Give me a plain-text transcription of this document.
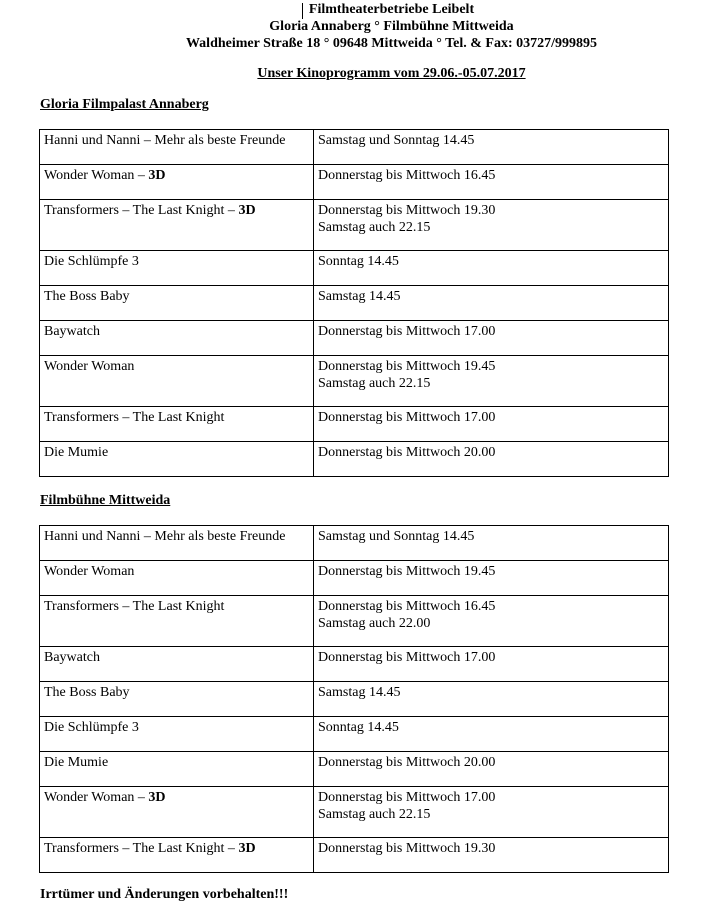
Filmtheaterbetriebe Leibelt
Gloria Annaberg ° Filmbühne Mittweida
Waldheimer Straße 18 ° 09648 Mittweida ° Tel. & Fax: 03727/999895
Unser Kinoprogramm vom 29.06.-05.07.2017
Gloria Filmpalast Annaberg
Hanni und Nanni – Mehr als beste Freunde	Samstag und Sonntag 14.45

Wonder Woman – 3D	Donnerstag bis Mittwoch 16.45

Transformers – The Last Knight – 3D	Donnerstag bis Mittwoch 19.30
Samstag auch 22.15

Die Schlümpfe 3	Sonntag 14.45

The Boss Baby	Samstag 14.45

Baywatch	Donnerstag bis Mittwoch 17.00

Wonder Woman	Donnerstag bis Mittwoch 19.45
Samstag auch 22.15

Transformers – The Last Knight	Donnerstag bis Mittwoch 17.00

Die Mumie	Donnerstag bis Mittwoch 20.00
Filmbühne Mittweida
Hanni und Nanni – Mehr als beste Freunde	Samstag und Sonntag 14.45

Wonder Woman	Donnerstag bis Mittwoch 19.45

Transformers – The Last Knight	Donnerstag bis Mittwoch 16.45
Samstag auch 22.00

Baywatch	Donnerstag bis Mittwoch 17.00

The Boss Baby	Samstag 14.45

Die Schlümpfe 3	Sonntag 14.45

Die Mumie	Donnerstag bis Mittwoch 20.00

Wonder Woman – 3D	Donnerstag bis Mittwoch 17.00
Samstag auch 22.15

Transformers – The Last Knight – 3D	Donnerstag bis Mittwoch 19.30
Irrtümer und Änderungen vorbehalten!!!
